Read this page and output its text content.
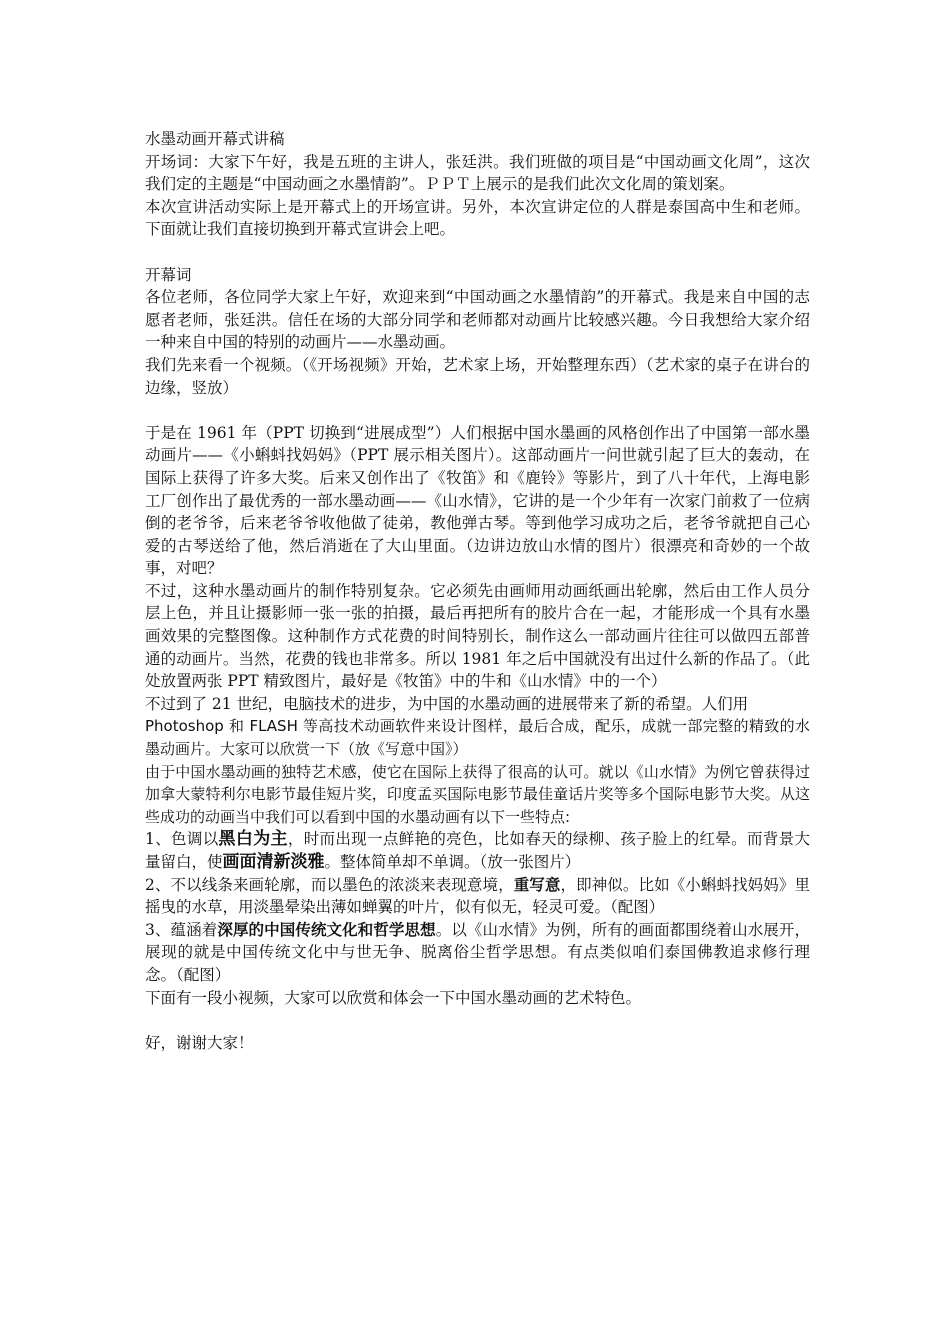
水墨动画开幕式讲稿

开场词：大家下午好，我是五班的主讲人，张廷洪。我们班做的项目是“中国动画文化周”，这次我们定的主题是“中国动画之水墨情韵”。ＰＰＴ上展示的是我们此次文化周的策划案。

本次宣讲活动实际上是开幕式上的开场宣讲。另外，本次宣讲定位的人群是泰国高中生和老师。下面就让我们直接切换到开幕式宣讲会上吧。

开幕词

各位老师，各位同学大家上午好，欢迎来到“中国动画之水墨情韵”的开幕式。我是来自中国的志愿者老师，张廷洪。信任在场的大部分同学和老师都对动画片比较感兴趣。今日我想给大家介绍一种来自中国的特别的动画片——水墨动画。

我们先来看一个视频。（《开场视频》开始，艺术家上场，开始整理东西）（艺术家的桌子在讲台的边缘，竖放）

于是在 1961 年（PPT 切换到“进展成型”）人们根据中国水墨画的风格创作出了中国第一部水墨动画片——《小蝌蚪找妈妈》（PPT 展示相关图片）。这部动画片一问世就引起了巨大的轰动，在国际上获得了许多大奖。后来又创作出了《牧笛》和《鹿铃》等影片，到了八十年代，上海电影工厂创作出了最优秀的一部水墨动画——《山水情》，它讲的是一个少年有一次家门前救了一位病倒的老爷爷，后来老爷爷收他做了徒弟，教他弹古琴。等到他学习成功之后，老爷爷就把自己心爱的古琴送给了他，然后消逝在了大山里面。（边讲边放山水情的图片）很漂亮和奇妙的一个故事，对吧？

不过，这种水墨动画片的制作特别复杂。它必须先由画师用动画纸画出轮廓，然后由工作人员分层上色，并且让摄影师一张一张的拍摄，最后再把所有的胶片合在一起，才能形成一个具有水墨画效果的完整图像。这种制作方式花费的时间特别长，制作这么一部动画片往往可以做四五部普通的动画片。当然，花费的钱也非常多。所以 1981 年之后中国就没有出过什么新的作品了。（此处放置两张 PPT 精致图片，最好是《牧笛》中的牛和《山水情》中的一个）

不过到了 21 世纪，电脑技术的进步，为中国的水墨动画的进展带来了新的希望。人们用

Photoshop 和 FLASH 等高技术动画软件来设计图样，最后合成，配乐，成就一部完整的精致的水墨动画片。大家可以欣赏一下（放《写意中国》）

由于中国水墨动画的独特艺术感，使它在国际上获得了很高的认可。就以《山水情》为例它曾获得过加拿大蒙特利尔电影节最佳短片奖，印度孟买国际电影节最佳童话片奖等多个国际电影节大奖。从这些成功的动画当中我们可以看到中国的水墨动画有以下一些特点:

1、色调以黑白为主，时而出现一点鲜艳的亮色，比如春天的绿柳、孩子脸上的红晕。而背景大量留白，使画面清新淡雅。整体简单却不单调。（放一张图片）

2、不以线条来画轮廓，而以墨色的浓淡来表现意境，重写意，即神似。比如《小蝌蚪找妈妈》里摇曳的水草，用淡墨晕染出薄如蝉翼的叶片，似有似无，轻灵可爱。（配图）

3、蕴涵着深厚的中国传统文化和哲学思想。以《山水情》为例，所有的画面都围绕着山水展开，展现的就是中国传统文化中与世无争、脱离俗尘哲学思想。有点类似咱们泰国佛教追求修行理念。（配图）

下面有一段小视频，大家可以欣赏和体会一下中国水墨动画的艺术特色。

好，谢谢大家！
